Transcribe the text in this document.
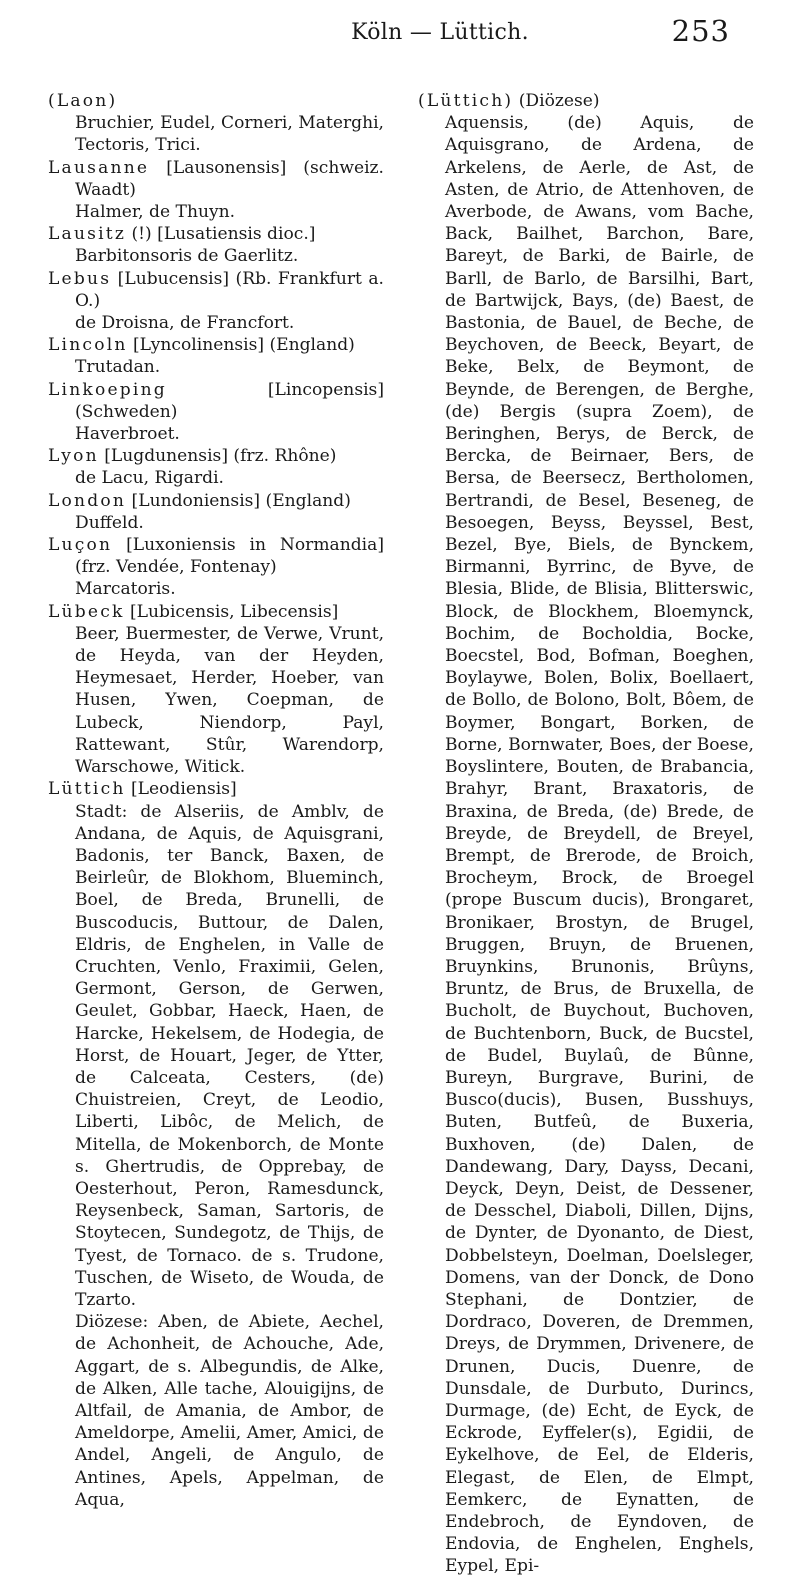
Köln — Lüttich.	253

(Laon)

Bruchier, Eudel, Corneri, Materghi, Tectoris, Trici.

Lausanne [Lausonensis] (schweiz. Waadt)

Halmer, de Thuyn.

Lausitz (!) [Lusatiensis dioc.]

Barbitonsoris de Gaerlitz.

Lebus [Lubucensis] (Rb. Frankfurt a. O.)

de Droisna, de Francfort.

Lincoln [Lyncolinensis] (England)

Trutadan.

Linkoeping [Lincopensis] (Schweden)

Haverbroet.

Lyon [Lugdunensis] (frz. Rhône)

de Lacu, Rigardi.

London [Lundoniensis] (England)

Duffeld.

Luçon [Luxoniensis in Normandia] (frz. Vendée, Fontenay)

Marcatoris.

Lübeck [Lubicensis, Libecensis]

Beer, Buermester, de Verwe, Vrunt, de Heyda, van der Heyden, Heymesaet, Herder, Hoeber, van Husen, Ywen, Coepman, de Lubeck, Niendorp, Payl, Rattewant, Stûr, Warendorp, Warschowe, Witick.

Lüttich [Leodiensis]

Stadt: de Alseriis, de Amblv, de Andana, de Aquis, de Aquisgrani, Badonis, ter Banck, Baxen, de Beirleûr, de Blokhom, Blueminch, Boel, de Breda, Brunelli, de Buscoducis, Buttour, de Dalen, Eldris, de Enghelen, in Valle de Cruchten, Venlo, Fraximii, Gelen, Germont, Gerson, de Gerwen, Geulet, Gobbar, Haeck, Haen, de Harcke, Hekelsem, de Hodegia, de Horst, de Houart, Jeger, de Ytter, de Calceata, Cesters, (de) Chuistreien, Creyt, de Leodio, Liberti, Libôc, de Melich, de Mitella, de Mokenborch, de Monte s. Ghertrudis, de Opprebay, de Oesterhout, Peron, Ramesdunck, Reysenbeck, Saman, Sartoris, de Stoytecen, Sundegotz, de Thijs, de Tyest, de Tornaco. de s. Trudone, Tuschen, de Wiseto, de Wouda, de Tzarto.

Diözese: Aben, de Abiete, Aechel, de Achonheit, de Achouche, Ade, Aggart, de s. Albegundis, de Alke, de Alken, Alle tache, Alouigijns, de Altfail, de Amania, de Ambor, de Ameldorpe, Amelii, Amer, Amici, de Andel, Angeli, de Angulo, de Antines, Apels, Appelman, de Aqua,

(Lüttich) (Diözese)

Aquensis, (de) Aquis, de Aquisgrano, de Ardena, de Arkelens, de Aerle, de Ast, de Asten, de Atrio, de Attenhoven, de Averbode, de Awans, vom Bache, Back, Bailhet, Barchon, Bare, Bareyt, de Barki, de Bairle, de Barll, de Barlo, de Barsilhi, Bart, de Bartwijck, Bays, (de) Baest, de Bastonia, de Bauel, de Beche, de Beychoven, de Beeck, Beyart, de Beke, Belx, de Beymont, de Beynde, de Berengen, de Berghe, (de) Bergis (supra Zoem), de Beringhen, Berys, de Berck, de Bercka, de Beirnaer, Bers, de Bersa, de Beersecz, Bertholomen, Bertrandi, de Besel, Beseneg, de Besoegen, Beyss, Beyssel, Best, Bezel, Bye, Biels, de Bynckem, Birmanni, Byrrinc, de Byve, de Blesia, Blide, de Blisia, Blitterswic, Block, de Blockhem, Bloemynck, Bochim, de Bocholdia, Bocke, Boecstel, Bod, Bofman, Boeghen, Boylaywe, Bolen, Bolix, Boellaert, de Bollo, de Bolono, Bolt, Bôem, de Boymer, Bongart, Borken, de Borne, Bornwater, Boes, der Boese, Boyslintere, Bouten, de Brabancia, Brahyr, Brant, Braxatoris, de Braxina, de Breda, (de) Brede, de Breyde, de Breydell, de Breyel, Brempt, de Brerode, de Broich, Brocheym, Brock, de Broegel (prope Buscum ducis), Brongaret, Bronikaer, Brostyn, de Brugel, Bruggen, Bruyn, de Bruenen, Bruynkins, Brunonis, Brûyns, Bruntz, de Brus, de Bruxella, de Bucholt, de Buychout, Buchoven, de Buchtenborn, Buck, de Bucstel, de Budel, Buylaû, de Bûnne, Bureyn, Burgrave, Burini, de Busco(ducis), Busen, Busshuys, Buten, Butfeû, de Buxeria, Buxhoven, (de) Dalen, de Dandewang, Dary, Dayss, Decani, Deyck, Deyn, Deist, de Dessener, de Desschel, Diaboli, Dillen, Dijns, de Dynter, de Dyonanto, de Diest, Dobbelsteyn, Doelman, Doelsleger, Domens, van der Donck, de Dono Stephani, de Dontzier, de Dordraco, Doveren, de Dremmen, Dreys, de Drymmen, Drivenere, de Drunen, Ducis, Duenre, de Dunsdale, de Durbuto, Durincs, Durmage, (de) Echt, de Eyck, de Eckrode, Eyffeler(s), Egidii, de Eykelhove, de Eel, de Elderis, Elegast, de Elen, de Elmpt, Eemkerc, de Eynatten, de Endebroch, de Eyndoven, de Endovia, de Enghelen, Enghels, Eypel, Epi-
